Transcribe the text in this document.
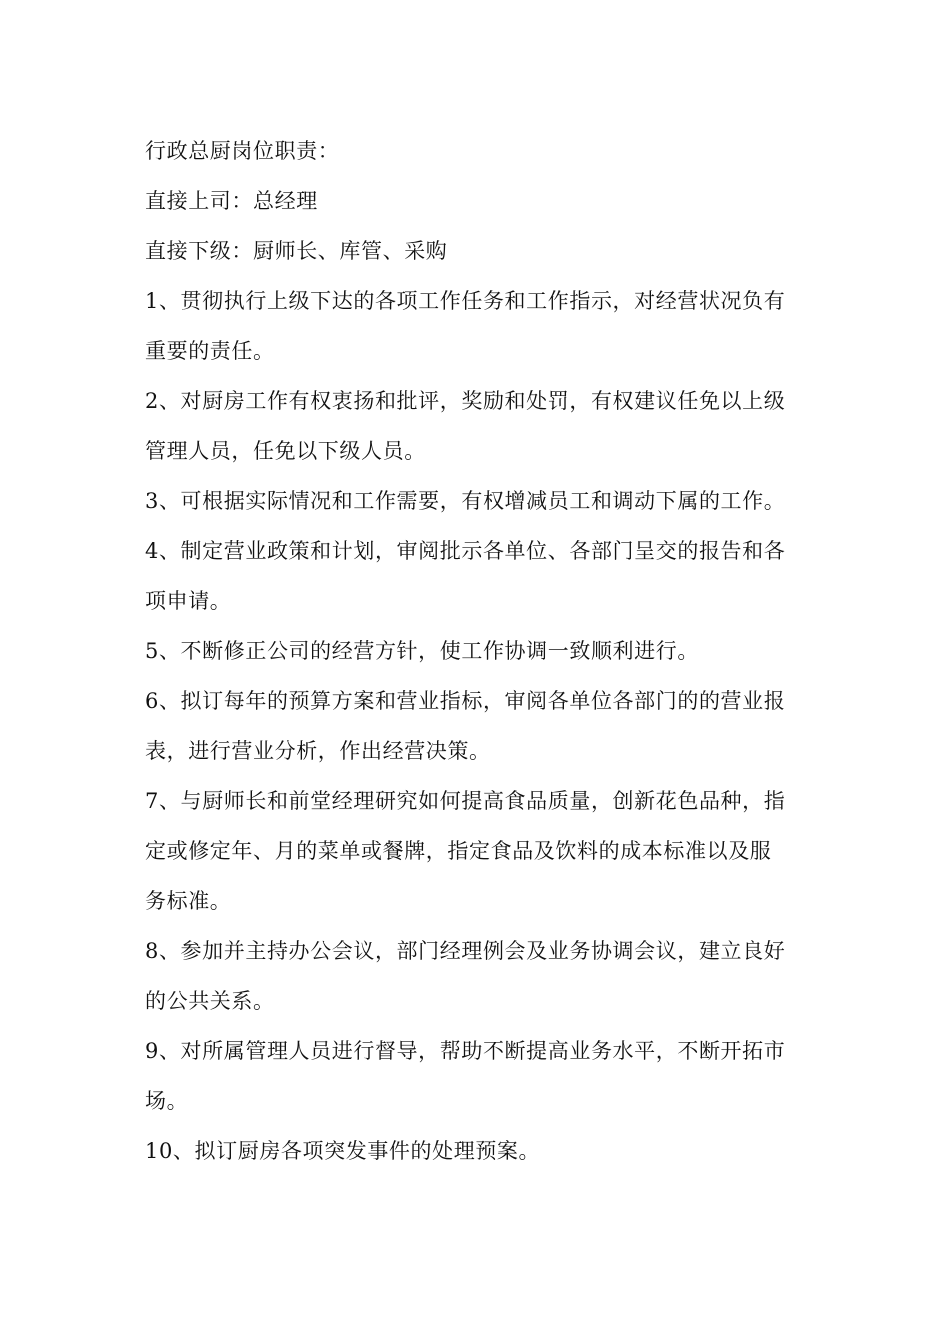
行政总厨岗位职责：
直接上司：总经理
直接下级：厨师长、库管、采购
1、贯彻执行上级下达的各项工作任务和工作指示，对经营状况负有
重要的责任。
2、对厨房工作有权衷扬和批评，奖励和处罚，有权建议任免以上级
管理人员，任免以下级人员。
3、可根据实际情况和工作需要，有权增减员工和调动下属的工作。
4、制定营业政策和计划，审阅批示各单位、各部门呈交的报告和各
项申请。
5、不断修正公司的经营方针，使工作协调一致顺利进行。
6、拟订每年的预算方案和营业指标，审阅各单位各部门的的营业报
表，进行营业分析，作出经营决策。
7、与厨师长和前堂经理研究如何提高食品质量，创新花色品种，指
定或修定年、月的菜单或餐牌，指定食品及饮料的成本标准以及服
务标准。
8、参加并主持办公会议，部门经理例会及业务协调会议，建立良好
的公共关系。
9、对所属管理人员进行督导，帮助不断提高业务水平，不断开拓市
场。
10、拟订厨房各项突发事件的处理预案。
